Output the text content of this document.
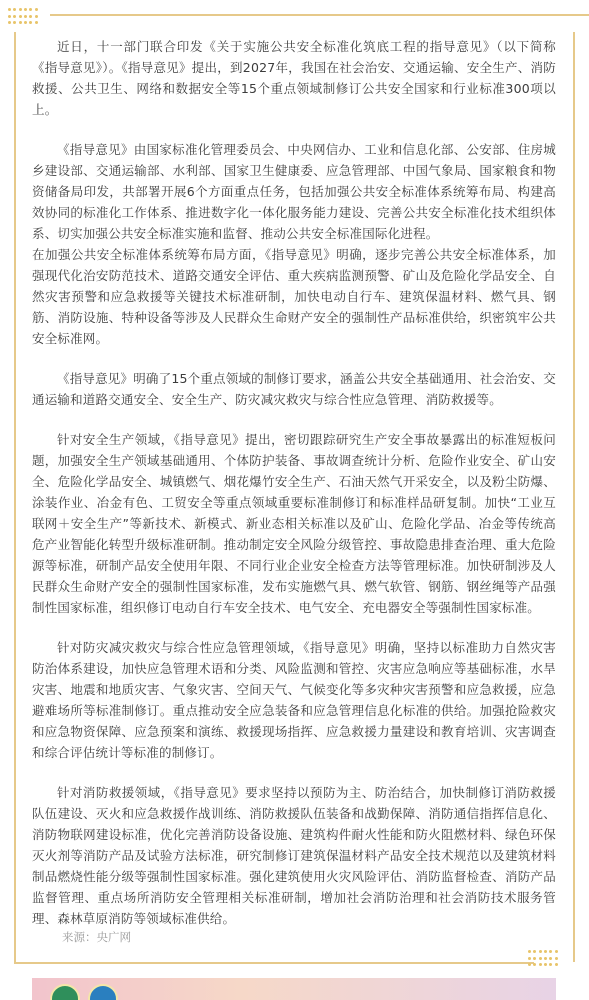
近日，十一部门联合印发《关于实施公共安全标准化筑底工程的指导意见》（以下简称《指导意见》）。《指导意见》提出，到2027年，我国在社会治安、交通运输、安全生产、消防救援、公共卫生、网络和数据安全等15个重点领域制修订公共安全国家和行业标准300项以上。

《指导意见》由国家标准化管理委员会、中央网信办、工业和信息化部、公安部、住房城乡建设部、交通运输部、水利部、国家卫生健康委、应急管理部、中国气象局、国家粮食和物资储备局印发，共部署开展6个方面重点任务，包括加强公共安全标准体系统筹布局、构建高效协同的标准化工作体系、推进数字化一体化服务能力建设、完善公共安全标准化技术组织体系、切实加强公共安全标准实施和监督、推动公共安全标准国际化进程。

在加强公共安全标准体系统筹布局方面，《指导意见》明确，逐步完善公共安全标准体系，加强现代化治安防范技术、道路交通安全评估、重大疾病监测预警、矿山及危险化学品安全、自然灾害预警和应急救援等关键技术标准研制，加快电动自行车、建筑保温材料、燃气具、钢筋、消防设施、特种设备等涉及人民群众生命财产安全的强制性产品标准供给，织密筑牢公共安全标准网。

《指导意见》明确了15个重点领域的制修订要求，涵盖公共安全基础通用、社会治安、交通运输和道路交通安全、安全生产、防灾减灾救灾与综合性应急管理、消防救援等。

针对安全生产领域，《指导意见》提出，密切跟踪研究生产安全事故暴露出的标准短板问题，加强安全生产领域基础通用、个体防护装备、事故调查统计分析、危险作业安全、矿山安全、危险化学品安全、城镇燃气、烟花爆竹安全生产、石油天然气开采安全，以及粉尘防爆、涂装作业、冶金有色、工贸安全等重点领域重要标准制修订和标准样品研复制。加快“工业互联网＋安全生产”等新技术、新模式、新业态相关标准以及矿山、危险化学品、冶金等传统高危产业智能化转型升级标准研制。推动制定安全风险分级管控、事故隐患排查治理、重大危险源等标准，研制产品安全使用年限、不同行业企业安全检查方法等管理标准。加快研制涉及人民群众生命财产安全的强制性国家标准，发布实施燃气具、燃气软管、钢筋、钢丝绳等产品强制性国家标准，组织修订电动自行车安全技术、电气安全、充电器安全等强制性国家标准。

针对防灾减灾救灾与综合性应急管理领域，《指导意见》明确，坚持以标准助力自然灾害防治体系建设，加快应急管理术语和分类、风险监测和管控、灾害应急响应等基础标准，水旱灾害、地震和地质灾害、气象灾害、空间天气、气候变化等多灾种灾害预警和应急救援，应急避难场所等标准制修订。重点推动安全应急装备和应急管理信息化标准的供给。加强抢险救灾和应急物资保障、应急预案和演练、救援现场指挥、应急救援力量建设和教育培训、灾害调查和综合评估统计等标准的制修订。

针对消防救援领域，《指导意见》要求坚持以预防为主、防治结合，加快制修订消防救援队伍建设、灭火和应急救援作战训练、消防救援队伍装备和战勤保障、消防通信指挥信息化、消防物联网建设标准，优化完善消防设备设施、建筑构件耐火性能和防火阻燃材料、绿色环保灭火剂等消防产品及试验方法标准，研究制修订建筑保温材料产品安全技术规范以及建筑材料制品燃烧性能分级等强制性国家标准。强化建筑使用火灾风险评估、消防监督检查、消防产品监督管理、重点场所消防安全管理相关标准研制，增加社会消防治理和社会消防技术服务管理、森林草原消防等领域标准供给。

来源：央广网
